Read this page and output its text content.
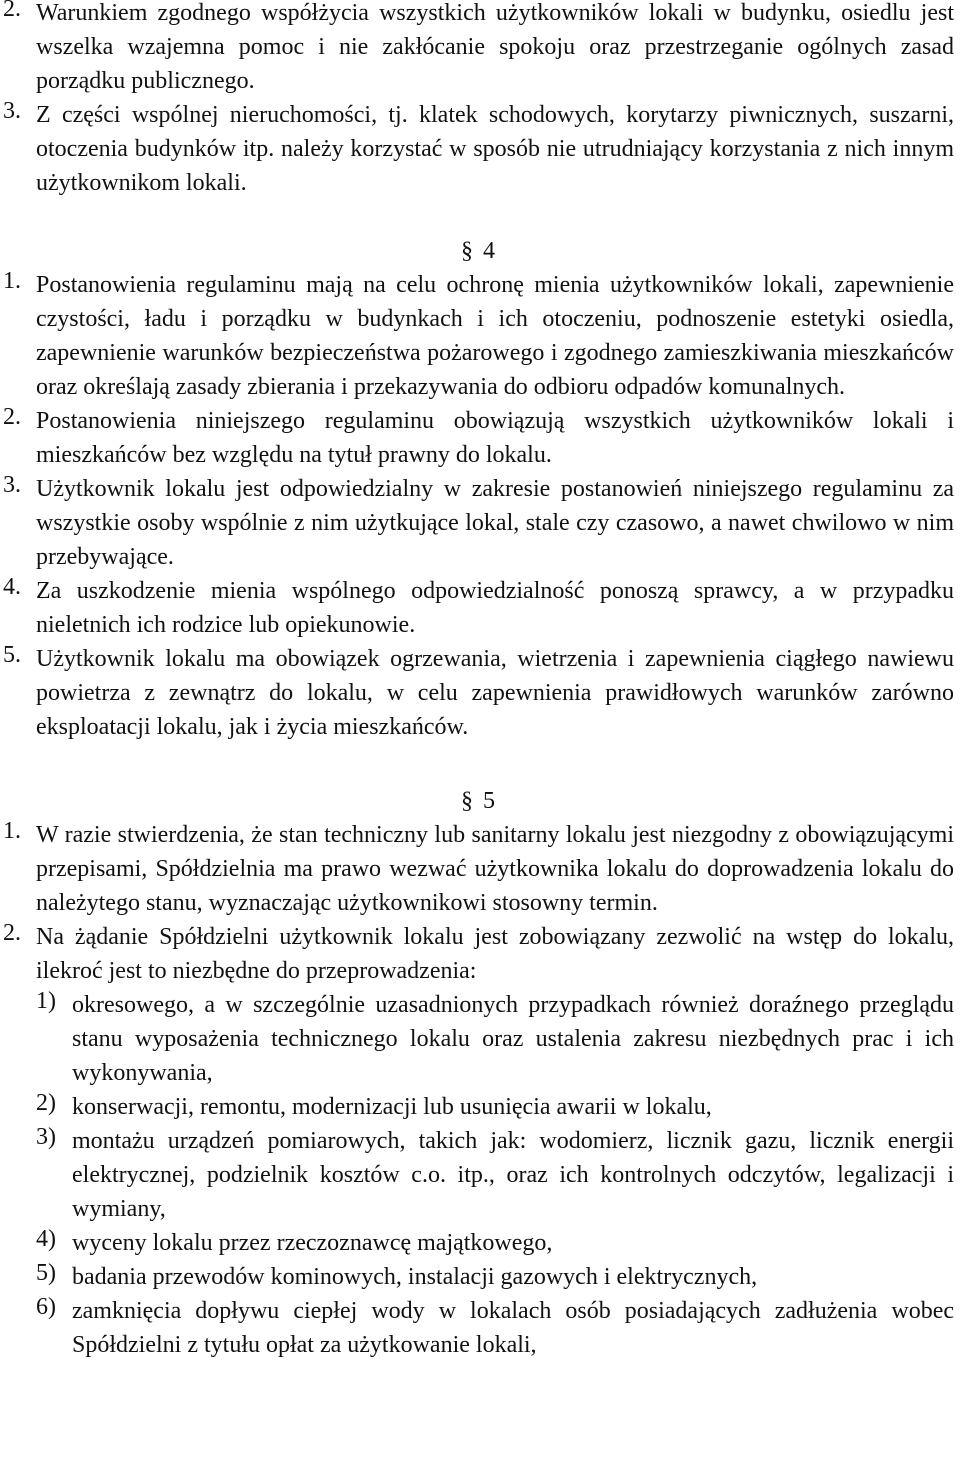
2. Warunkiem zgodnego współżycia wszystkich użytkowników lokali w budynku, osiedlu jest wszelka wzajemna pomoc i nie zakłócanie spokoju oraz przestrzeganie ogólnych zasad porządku publicznego.
3. Z części wspólnej nieruchomości, tj. klatek schodowych, korytarzy piwnicznych, suszarni, otoczenia budynków itp. należy korzystać w sposób nie utrudniający korzystania z nich innym użytkownikom lokali.
§ 4
1. Postanowienia regulaminu mają na celu ochronę mienia użytkowników lokali, zapewnienie czystości, ładu i porządku w budynkach i ich otoczeniu, podnoszenie estetyki osiedla, zapewnienie warunków bezpieczeństwa pożarowego i zgodnego zamieszkiwania mieszkańców oraz określają zasady zbierania i przekazywania do odbioru odpadów komunalnych.
2. Postanowienia niniejszego regulaminu obowiązują wszystkich użytkowników lokali i mieszkańców bez względu na tytuł prawny do lokalu.
3. Użytkownik lokalu jest odpowiedzialny w zakresie postanowień niniejszego regulaminu za wszystkie osoby wspólnie z nim użytkujące lokal, stale czy czasowo, a nawet chwilowo w nim przebywające.
4. Za uszkodzenie mienia wspólnego odpowiedzialność ponoszą sprawcy, a w przypadku nieletnich ich rodzice lub opiekunowie.
5. Użytkownik lokalu ma obowiązek ogrzewania, wietrzenia i zapewnienia ciągłego nawiewu powietrza z zewnątrz do lokalu, w celu zapewnienia prawidłowych warunków zarówno eksploatacji lokalu, jak i życia mieszkańców.
§ 5
1. W razie stwierdzenia, że stan techniczny lub sanitarny lokalu jest niezgodny z obowiązującymi przepisami, Spółdzielnia ma prawo wezwać użytkownika lokalu do doprowadzenia lokalu do należytego stanu, wyznaczając użytkownikowi stosowny termin.
2. Na żądanie Spółdzielni użytkownik lokalu jest zobowiązany zezwolić na wstęp do lokalu, ilekroć jest to niezbędne do przeprowadzenia:
1) okresowego, a w szczególnie uzasadnionych przypadkach również doraźnego przeglądu stanu wyposażenia technicznego lokalu oraz ustalenia zakresu niezbędnych prac i ich wykonywania,
2) konserwacji, remontu, modernizacji lub usunięcia awarii w lokalu,
3) montażu urządzeń pomiarowych, takich jak: wodomierz, licznik gazu, licznik energii elektrycznej, podzielnik kosztów c.o. itp., oraz ich kontrolnych odczytów, legalizacji i wymiany,
4) wyceny lokalu przez rzeczoznawcę majątkowego,
5) badania przewodów kominowych, instalacji gazowych i elektrycznych,
6) zamknięcia dopływu ciepłej wody w lokalach osób posiadających zadłużenia wobec Spółdzielni z tytułu opłat za użytkowanie lokali,
